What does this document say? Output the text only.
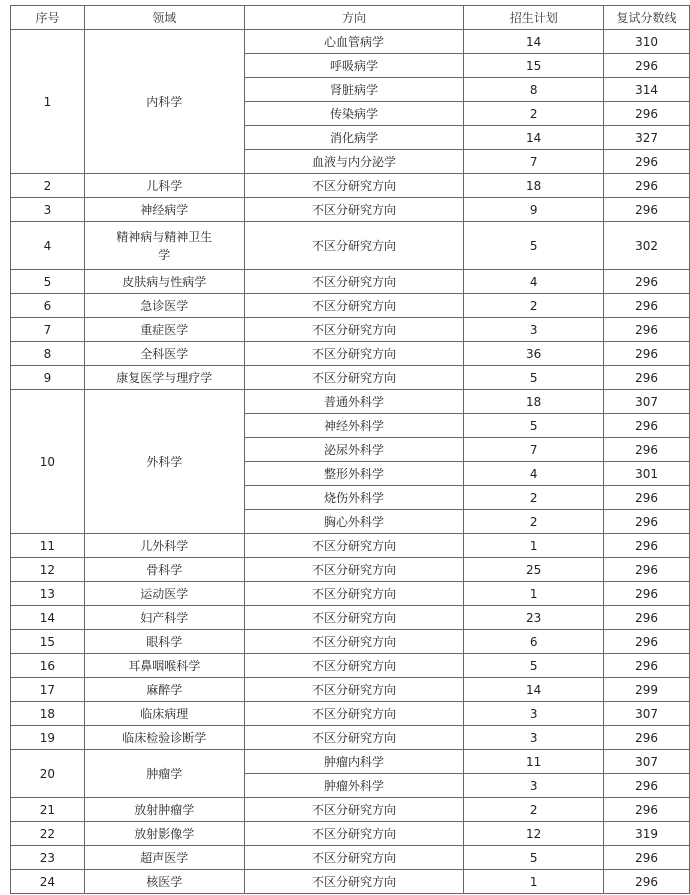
序号	领域	方向	招生计划	复试分数线
1	内科学	心血管病学	14	310
		呼吸病学	15	296
		肾脏病学	8	314
		传染病学	2	296
		消化病学	14	327
		血液与内分泌学	7	296
2	儿科学	不区分研究方向	18	296
3	神经病学	不区分研究方向	9	296
4	精神病与精神卫生学	不区分研究方向	5	302
5	皮肤病与性病学	不区分研究方向	4	296
6	急诊医学	不区分研究方向	2	296
7	重症医学	不区分研究方向	3	296
8	全科医学	不区分研究方向	36	296
9	康复医学与理疗学	不区分研究方向	5	296
10	外科学	普通外科学	18	307
		神经外科学	5	296
		泌尿外科学	7	296
		整形外科学	4	301
		烧伤外科学	2	296
		胸心外科学	2	296
11	儿外科学	不区分研究方向	1	296
12	骨科学	不区分研究方向	25	296
13	运动医学	不区分研究方向	1	296
14	妇产科学	不区分研究方向	23	296
15	眼科学	不区分研究方向	6	296
16	耳鼻咽喉科学	不区分研究方向	5	296
17	麻醉学	不区分研究方向	14	299
18	临床病理	不区分研究方向	3	307
19	临床检验诊断学	不区分研究方向	3	296
20	肿瘤学	肿瘤内科学	11	307
		肿瘤外科学	3	296
21	放射肿瘤学	不区分研究方向	2	296
22	放射影像学	不区分研究方向	12	319
23	超声医学	不区分研究方向	5	296
24	核医学	不区分研究方向	1	296
